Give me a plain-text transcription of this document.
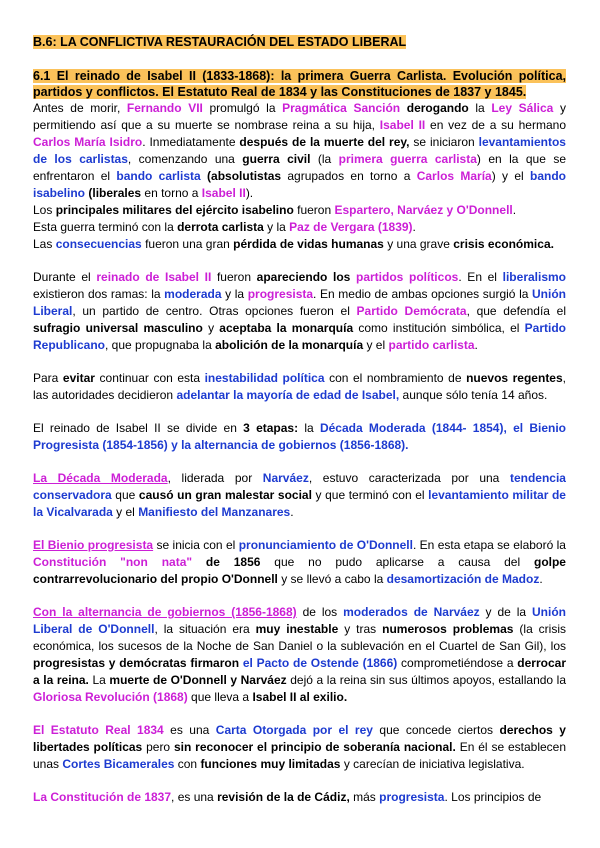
B.6: LA CONFLICTIVA RESTAURACIÓN DEL ESTADO LIBERAL
6.1 El reinado de Isabel II (1833-1868): la primera Guerra Carlista. Evolución política, partidos y conflictos. El Estatuto Real de 1834 y las Constituciones de 1837 y 1845.

Antes de morir, Fernando VII promulgó la Pragmática Sanción derogando la Ley Sálica y permitiendo así que a su muerte se nombrase reina a su hija, Isabel II en vez de a su hermano Carlos María Isidro. Inmediatamente después de la muerte del rey, se iniciaron levantamientos de los carlistas, comenzando una guerra civil (la primera guerra carlista) en la que se enfrentaron el bando carlista (absolutistas agrupados en torno a Carlos María) y el bando isabelino (liberales en torno a Isabel II).

Los principales militares del ejército isabelino fueron Espartero, Narváez y O'Donnell.

Esta guerra terminó con la derrota carlista y la Paz de Vergara (1839).

Las consecuencias fueron una gran pérdida de vidas humanas y una grave crisis económica.

Durante el reinado de Isabel II fueron apareciendo los partidos políticos. En el liberalismo existieron dos ramas: la moderada y la progresista. En medio de ambas opciones surgió la Unión Liberal, un partido de centro. Otras opciones fueron el Partido Demócrata, que defendía el sufragio universal masculino y aceptaba la monarquía como institución simbólica, el Partido Republicano, que propugnaba la abolición de la monarquía y el partido carlista.

Para evitar continuar con esta inestabilidad política con el nombramiento de nuevos regentes, las autoridades decidieron adelantar la mayoría de edad de Isabel, aunque sólo tenía 14 años.

El reinado de Isabel II se divide en 3 etapas: la Década Moderada (1844- 1854), el Bienio Progresista (1854-1856) y la alternancia de gobiernos (1856-1868).

La Década Moderada, liderada por Narváez, estuvo caracterizada por una tendencia conservadora que causó un gran malestar social y que terminó con el levantamiento militar de la Vicalvarada y el Manifiesto del Manzanares.

El Bienio progresista se inicia con el pronunciamiento de O'Donnell. En esta etapa se elaboró la Constitución "non nata" de 1856 que no pudo aplicarse a causa del golpe contrarrevolucionario del propio O'Donnell y se llevó a cabo la desamortización de Madoz.

Con la alternancia de gobiernos (1856-1868) de los moderados de Narváez y de la Unión Liberal de O'Donnell, la situación era muy inestable y tras numerosos problemas (la crisis económica, los sucesos de la Noche de San Daniel o la sublevación en el Cuartel de San Gil), los progresistas y demócratas firmaron el Pacto de Ostende (1866) comprometiéndose a derrocar a la reina. La muerte de O'Donnell y Narváez dejó a la reina sin sus últimos apoyos, estallando la Gloriosa Revolución (1868) que lleva a Isabel II al exilio.

El Estatuto Real 1834 es una Carta Otorgada por el rey que concede ciertos derechos y libertades políticas pero sin reconocer el principio de soberanía nacional. En él se establecen unas Cortes Bicamerales con funciones muy limitadas y carecían de iniciativa legislativa.

La Constitución de 1837, es una revisión de la de Cádiz, más progresista. Los principios de
